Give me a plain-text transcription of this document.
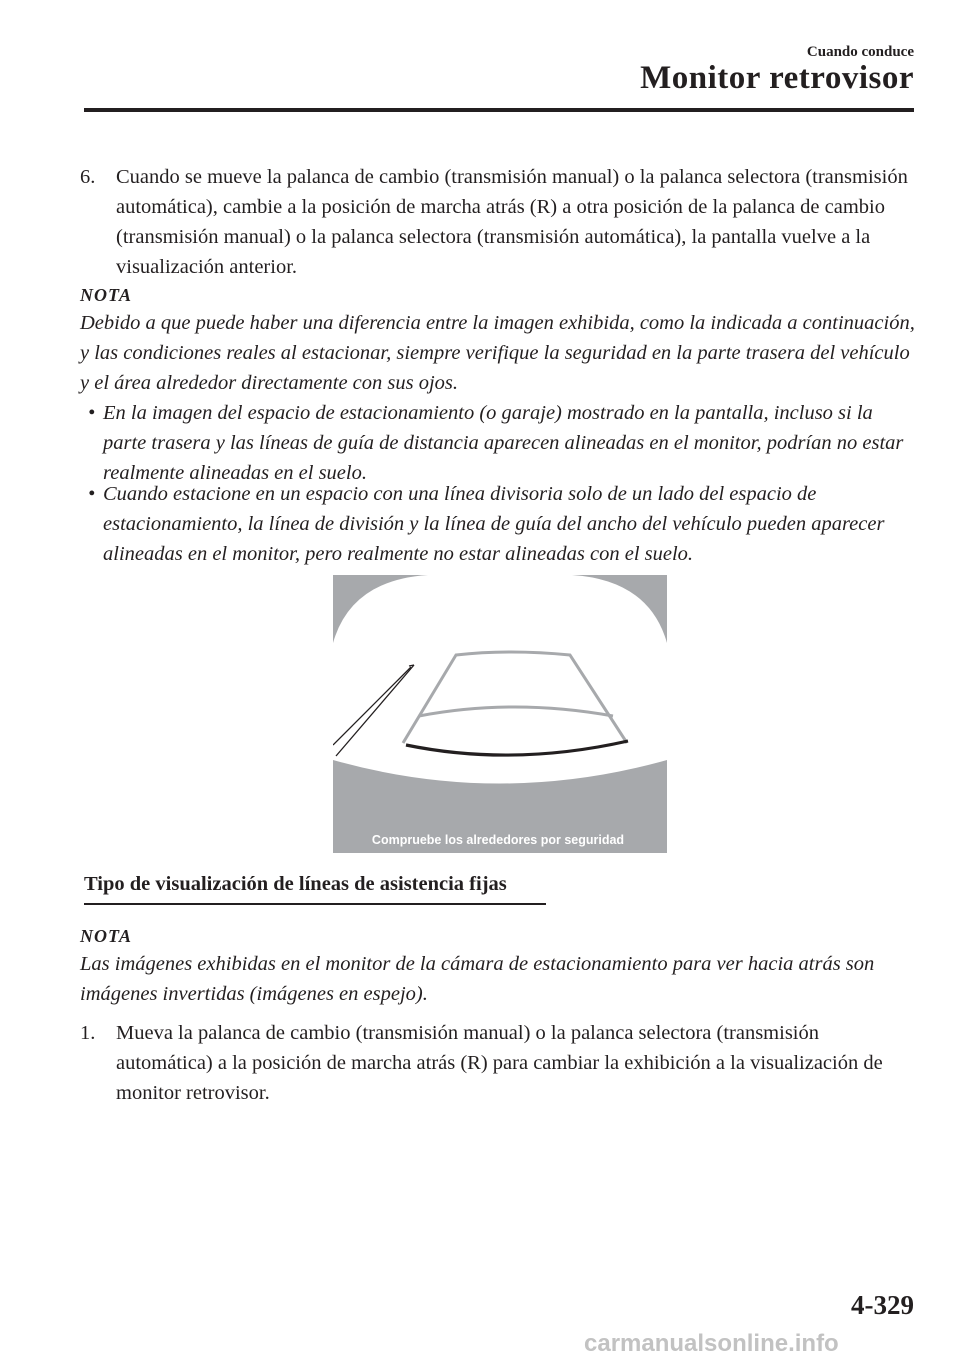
Cuando conduce
Monitor retrovisor
6. Cuando se mueve la palanca de cambio (transmisión manual) o la palanca selectora (transmisión automática), cambie a la posición de marcha atrás (R) a otra posición de la palanca de cambio (transmisión manual) o la palanca selectora (transmisión automática), la pantalla vuelve a la visualización anterior.
NOTA
Debido a que puede haber una diferencia entre la imagen exhibida, como la indicada a continuación, y las condiciones reales al estacionar, siempre verifique la seguridad en la parte trasera del vehículo y el área alrededor directamente con sus ojos.
• En la imagen del espacio de estacionamiento (o garaje) mostrado en la pantalla, incluso si la parte trasera y las líneas de guía de distancia aparecen alineadas en el monitor, podrían no estar realmente alineadas en el suelo.
• Cuando estacione en un espacio con una línea divisoria solo de un lado del espacio de estacionamiento, la línea de división y la línea de guía del ancho del vehículo pueden aparecer alineadas en el monitor, pero realmente no estar alineadas con el suelo.
Compruebe los alrededores por seguridad
Tipo de visualización de líneas de asistencia fijas
NOTA
Las imágenes exhibidas en el monitor de la cámara de estacionamiento para ver hacia atrás son imágenes invertidas (imágenes en espejo).
1. Mueva la palanca de cambio (transmisión manual) o la palanca selectora (transmisión automática) a la posición de marcha atrás (R) para cambiar la exhibición a la visualización de monitor retrovisor.
4-329
carmanualsonline.info
